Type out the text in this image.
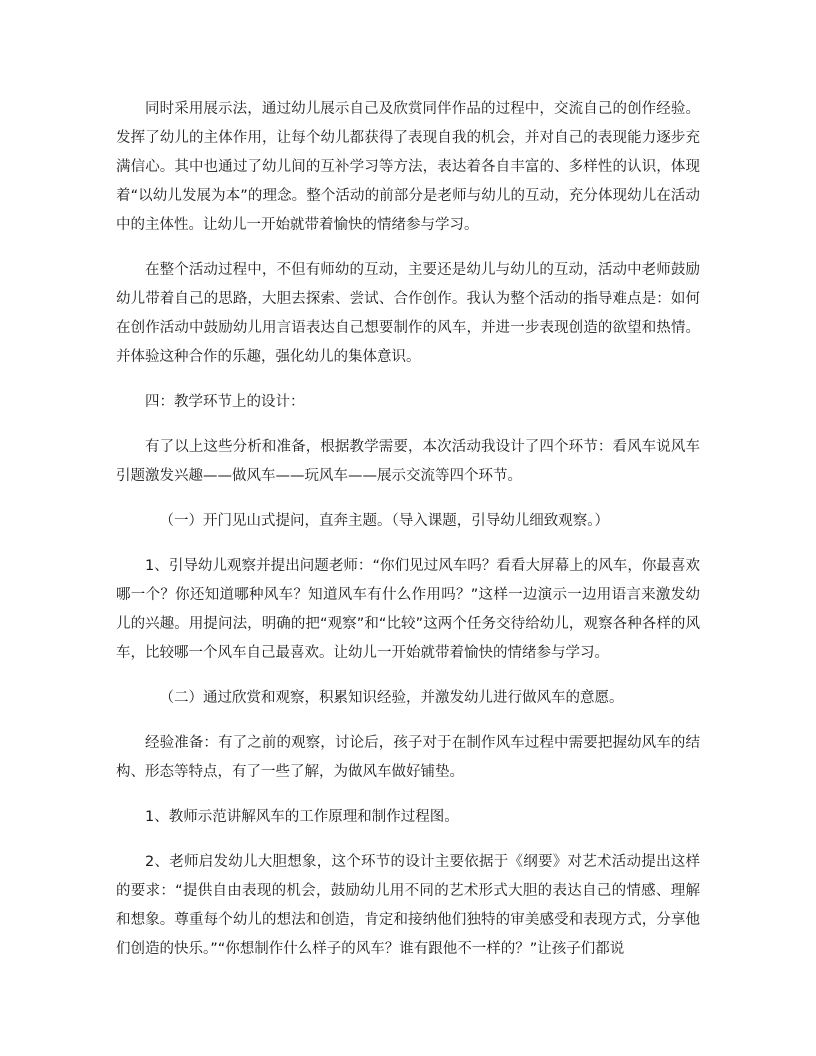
同时采用展示法，通过幼儿展示自己及欣赏同伴作品的过程中，交流自己的创作经验。发挥了幼儿的主体作用，让每个幼儿都获得了表现自我的机会，并对自己的表现能力逐步充满信心。其中也通过了幼儿间的互补学习等方法，表达着各自丰富的、多样性的认识，体现着“以幼儿发展为本”的理念。整个活动的前部分是老师与幼儿的互动，充分体现幼儿在活动中的主体性。让幼儿一开始就带着愉快的情绪参与学习。

在整个活动过程中，不但有师幼的互动，主要还是幼儿与幼儿的互动，活动中老师鼓励幼儿带着自己的思路，大胆去探索、尝试、合作创作。我认为整个活动的指导难点是：如何在创作活动中鼓励幼儿用言语表达自己想要制作的风车，并进一步表现创造的欲望和热情。并体验这种合作的乐趣，强化幼儿的集体意识。

四：教学环节上的设计：

有了以上这些分析和准备，根据教学需要，本次活动我设计了四个环节：看风车说风车引题激发兴趣——做风车——玩风车——展示交流等四个环节。

（一）开门见山式提问，直奔主题。（导入课题，引导幼儿细致观察。）

1、引导幼儿观察并提出问题老师：“你们见过风车吗？看看大屏幕上的风车，你最喜欢哪一个？你还知道哪种风车？知道风车有什么作用吗？”这样一边演示一边用语言来激发幼儿的兴趣。用提问法，明确的把“观察”和“比较”这两个任务交待给幼儿，观察各种各样的风车，比较哪一个风车自己最喜欢。让幼儿一开始就带着愉快的情绪参与学习。

（二）通过欣赏和观察，积累知识经验，并激发幼儿进行做风车的意愿。

经验准备：有了之前的观察，讨论后，孩子对于在制作风车过程中需要把握幼风车的结构、形态等特点，有了一些了解，为做风车做好铺垫。

1、教师示范讲解风车的工作原理和制作过程图。

2、老师启发幼儿大胆想象，这个环节的设计主要依据于《纲要》对艺术活动提出这样的要求：“提供自由表现的机会，鼓励幼儿用不同的艺术形式大胆的表达自己的情感、理解和想象。尊重每个幼儿的想法和创造，肯定和接纳他们独特的审美感受和表现方式，分享他们创造的快乐。”“你想制作什么样子的风车？谁有跟他不一样的？”让孩子们都说
